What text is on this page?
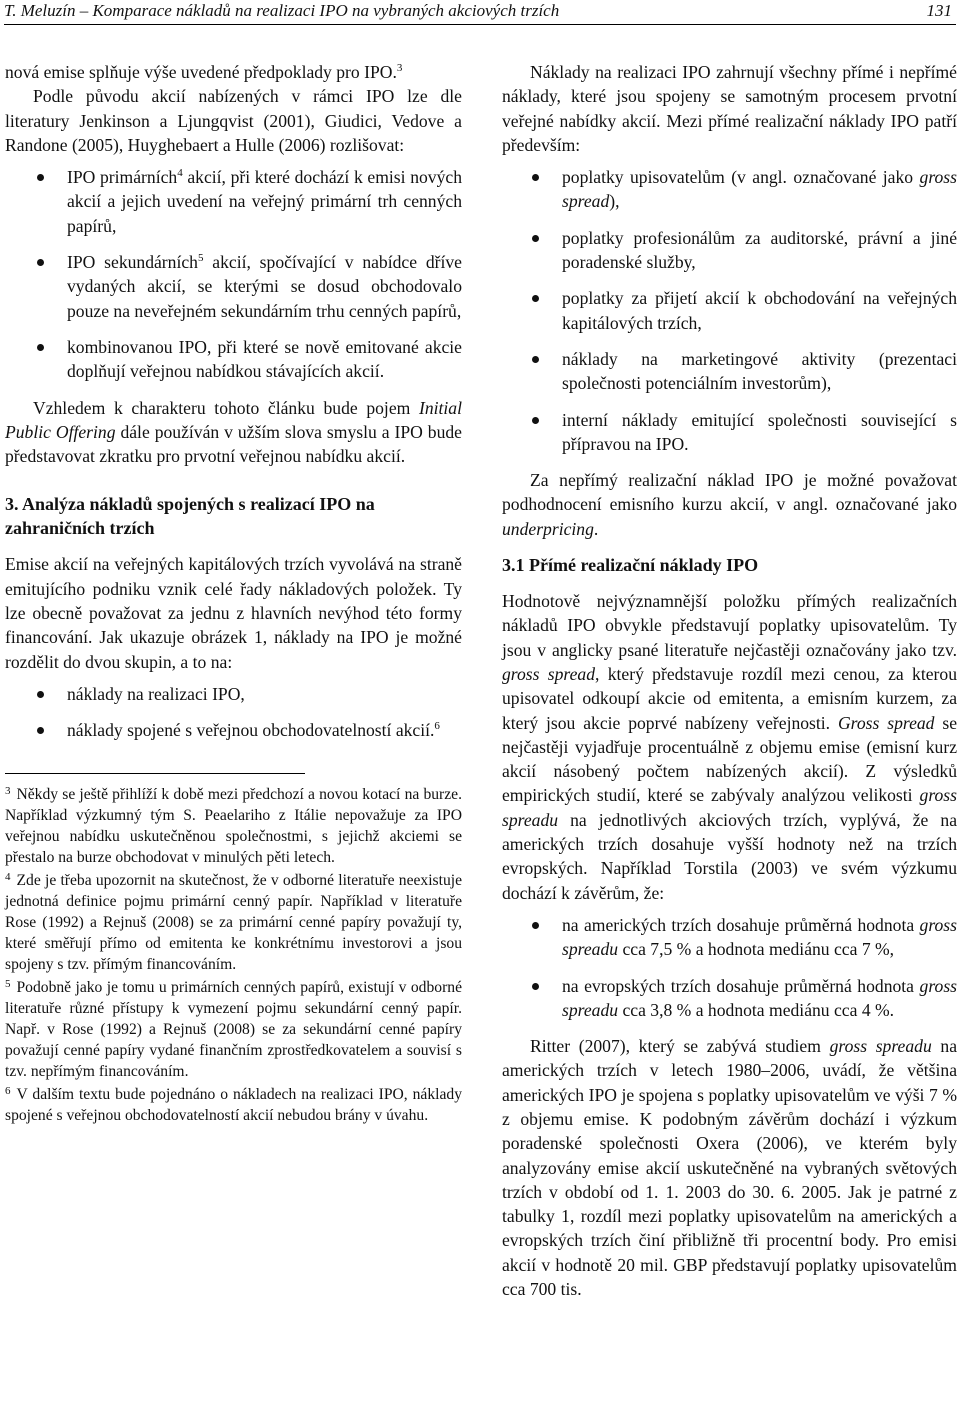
T. Meluzín – Komparace nákladů na realizaci IPO na vybraných akciových trzích	131

nová emise splňuje výše uvedené předpoklady pro IPO.$^3$

Podle původu akcií nabízených v rámci IPO lze dle literatury Jenkinson a Ljungqvist (2001), Giudici, Vedove a Randone (2005), Huyghebaert a Hulle (2006) rozlišovat:

IPO primárních$^4$ akcií, při které dochází k emisi nových akcií a jejich uvedení na veřejný primární trh cenných papírů,
IPO sekundárních$^5$ akcií, spočívající v nabídce dříve vydaných akcií, se kterými se dosud obchodovalo pouze na neveřejném sekundárním trhu cenných papírů,
kombinovanou IPO, při které se nově emitované akcie doplňují veřejnou nabídkou stávajících akcií.

Vzhledem k charakteru tohoto článku bude pojem Initial Public Offering dále používán v užším slova smyslu a IPO bude představovat zkratku pro prvotní veřejnou nabídku akcií.

3. Analýza nákladů spojených s realizací IPO na zahraničních trzích

Emise akcií na veřejných kapitálových trzích vyvolává na straně emitujícího podniku vznik celé řady nákladových položek. Ty lze obecně považovat za jednu z hlavních nevýhod této formy financování. Jak ukazuje obrázek 1, náklady na IPO je možné rozdělit do dvou skupin, a to na:

náklady na realizaci IPO,
náklady spojené s veřejnou obchodovatelností akcií.$^6$

$^3$ Někdy se ještě přihlíží k době mezi předchozí a novou kotací na burze. Například výzkumný tým S. Peaelariho z Itálie nepovažuje za IPO veřejnou nabídku uskutečněnou společnostmi, s jejichž akciemi se přestalo na burze obchodovat v minulých pěti letech.

$^4$ Zde je třeba upozornit na skutečnost, že v odborné literatuře neexistuje jednotná definice pojmu primární cenný papír. Například v literatuře Rose (1992) a Rejnuš (2008) se za primární cenné papíry považují ty, které směřují přímo od emitenta ke konkrétnímu investorovi a jsou spojeny s tzv. přímým financováním.

$^5$ Podobně jako je tomu u primárních cenných papírů, existují v odborné literatuře různé přístupy k vymezení pojmu sekundární cenný papír. Např. v Rose (1992) a Rejnuš (2008) se za sekundární cenné papíry považují cenné papíry vydané finančním zprostředkovatelem a souvisí s tzv. nepřímým financováním.

$^6$ V dalším textu bude pojednáno o nákladech na realizaci IPO, náklady spojené s veřejnou obchodovatelností akcií nebudou brány v úvahu.

Náklady na realizaci IPO zahrnují všechny přímé i nepřímé náklady, které jsou spojeny se samotným procesem prvotní veřejné nabídky akcií. Mezi přímé realizační náklady IPO patří především:

poplatky upisovatelům (v angl. označované jako gross spread),
poplatky profesionálům za auditorské, právní a jiné poradenské služby,
poplatky za přijetí akcií k obchodování na veřejných kapitálových trzích,
náklady na marketingové aktivity (prezentaci společnosti potenciálním investorům),
interní náklady emitující společnosti související s přípravou na IPO.

Za nepřímý realizační náklad IPO je možné považovat podhodnocení emisního kurzu akcií, v angl. označované jako underpricing.

3.1 Přímé realizační náklady IPO

Hodnotově nejvýznamnější položku přímých realizačních nákladů IPO obvykle představují poplatky upisovatelům. Ty jsou v anglicky psané literatuře nejčastěji označovány jako tzv. gross spread, který představuje rozdíl mezi cenou, za kterou upisovatel odkoupí akcie od emitenta, a emisním kurzem, za který jsou akcie poprvé nabízeny veřejnosti. Gross spread se nejčastěji vyjadřuje procentuálně z objemu emise (emisní kurz akcií násobený počtem nabízených akcií). Z výsledků empirických studií, které se zabývaly analýzou velikosti gross spreadu na jednotlivých akciových trzích, vyplývá, že na amerických trzích dosahuje vyšší hodnoty než na trzích evropských. Například Torstila (2003) ve svém výzkumu dochází k závěrům, že:

na amerických trzích dosahuje průměrná hodnota gross spreadu cca 7,5 % a hodnota mediánu cca 7 %,
na evropských trzích dosahuje průměrná hodnota gross spreadu cca 3,8 % a hodnota mediánu cca 4 %.

Ritter (2007), který se zabývá studiem gross spreadu na amerických trzích v letech 1980–2006, uvádí, že většina amerických IPO je spojena s poplatky upisovatelům ve výši 7 % z objemu emise. K podobným závěrům dochází i výzkum poradenské společnosti Oxera (2006), ve kterém byly analyzovány emise akcií uskutečněné na vybraných světových trzích v období od 1. 1. 2003 do 30. 6. 2005. Jak je patrné z tabulky 1, rozdíl mezi poplatky upisovatelům na amerických a evropských trzích činí přibližně tři procentní body. Pro emisi akcií v hodnotě 20 mil. GBP představují poplatky upisovatelům cca 700 tis.
